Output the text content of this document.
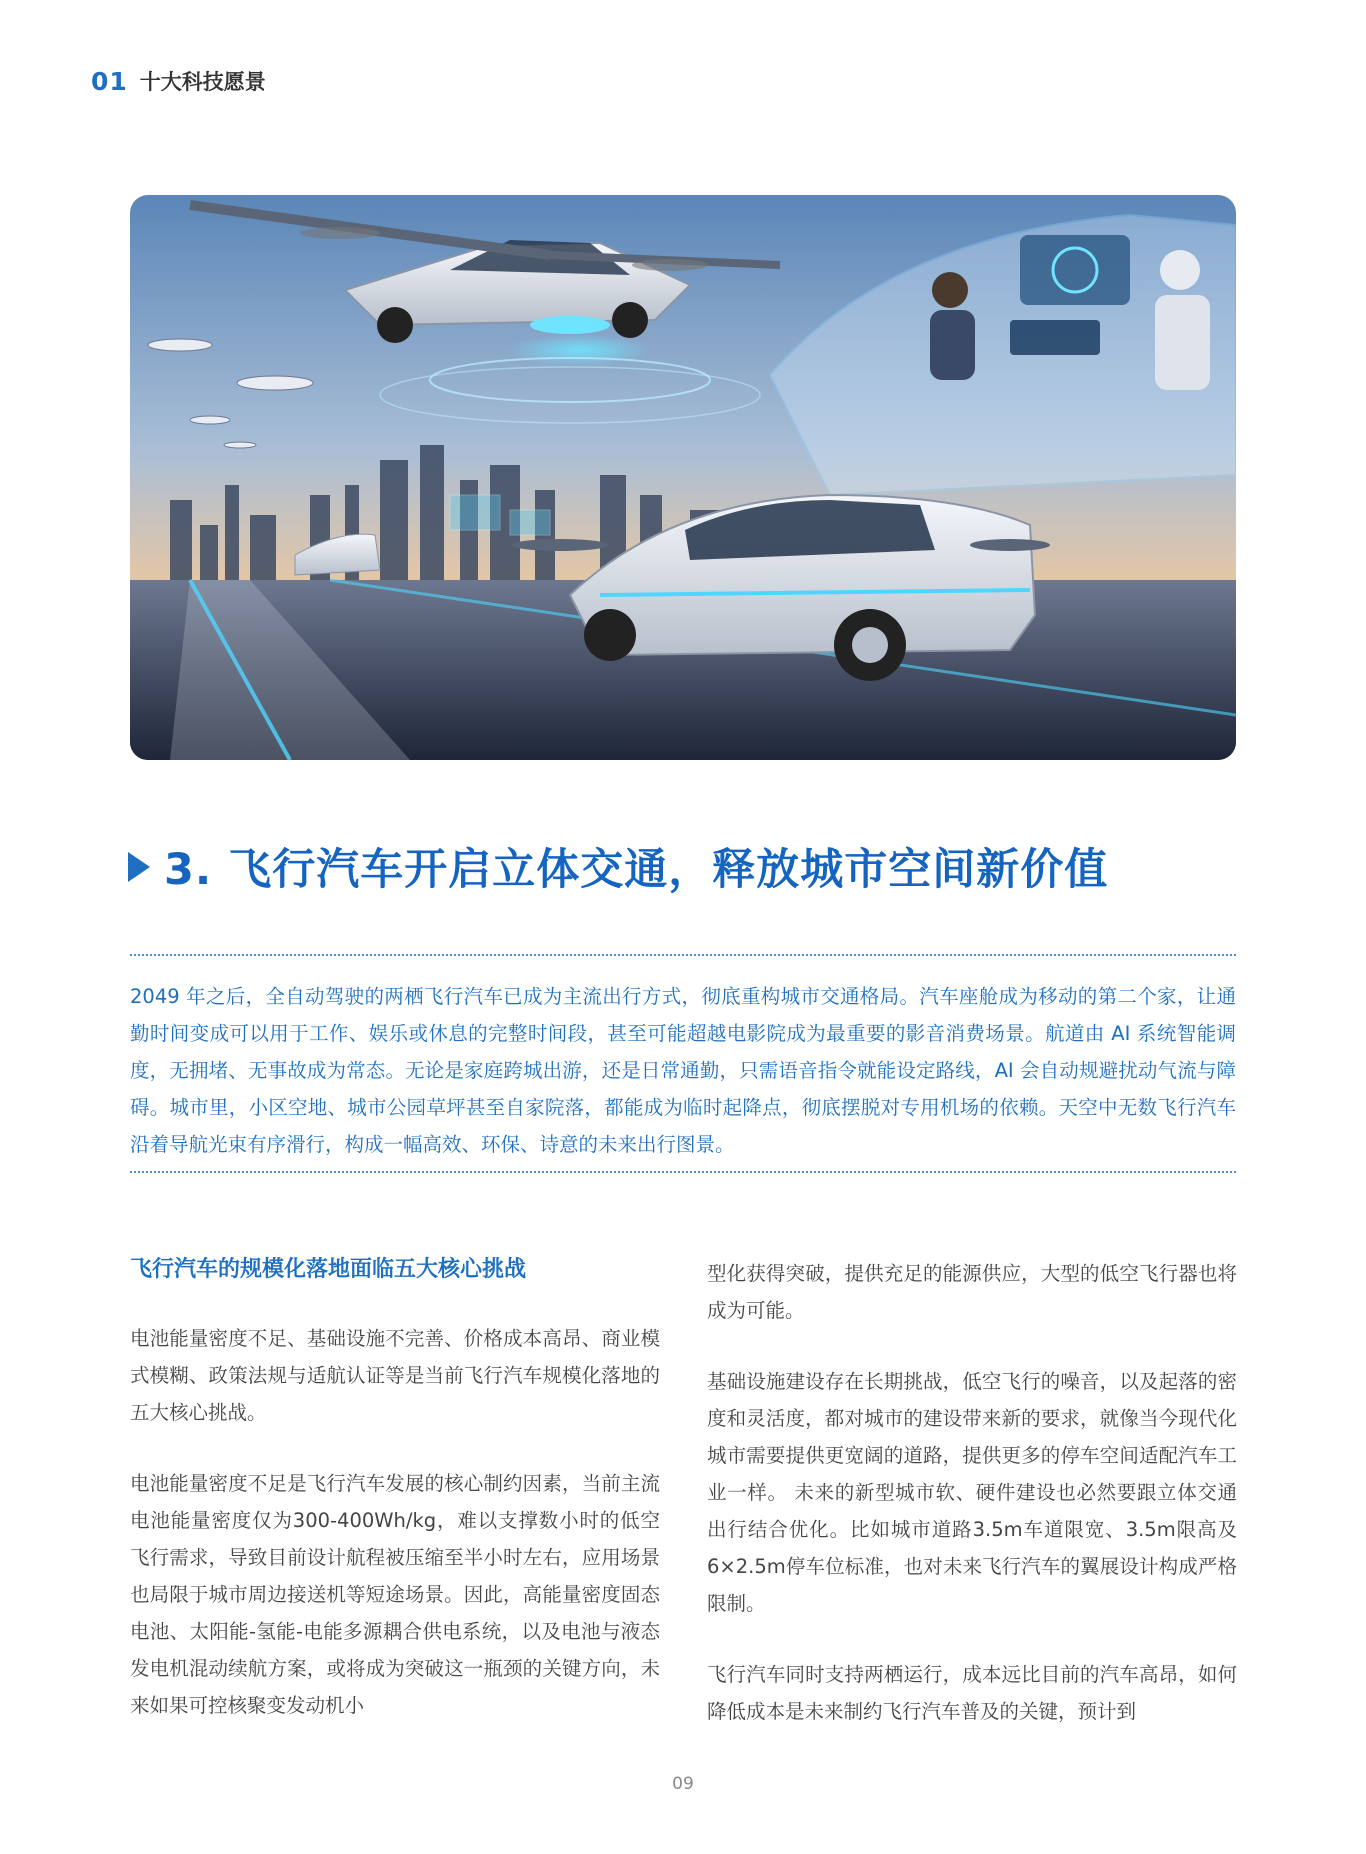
01 十大科技愿景
3. 飞行汽车开启立体交通，释放城市空间新价值
2049 年之后，全自动驾驶的两栖飞行汽车已成为主流出行方式，彻底重构城市交通格局。汽车座舱成为移动的第二个家，让通勤时间变成可以用于工作、娱乐或休息的完整时间段，甚至可能超越电影院成为最重要的影音消费场景。航道由 AI 系统智能调度，无拥堵、无事故成为常态。无论是家庭跨城出游，还是日常通勤，只需语音指令就能设定路线，AI 会自动规避扰动气流与障碍。城市里，小区空地、城市公园草坪甚至自家院落，都能成为临时起降点，彻底摆脱对专用机场的依赖。天空中无数飞行汽车沿着导航光束有序滑行，构成一幅高效、环保、诗意的未来出行图景。
飞行汽车的规模化落地面临五大核心挑战

电池能量密度不足、基础设施不完善、价格成本高昂、商业模式模糊、政策法规与适航认证等是当前飞行汽车规模化落地的五大核心挑战。

电池能量密度不足是飞行汽车发展的核心制约因素，当前主流电池能量密度仅为300-400Wh/kg，难以支撑数小时的低空飞行需求，导致目前设计航程被压缩至半小时左右，应用场景也局限于城市周边接送机等短途场景。因此，高能量密度固态电池、太阳能-氢能-电能多源耦合供电系统，以及电池与液态发电机混动续航方案，或将成为突破这一瓶颈的关键方向，未来如果可控核聚变发动机小

型化获得突破，提供充足的能源供应，大型的低空飞行器也将成为可能。

基础设施建设存在长期挑战，低空飞行的噪音，以及起落的密度和灵活度，都对城市的建设带来新的要求，就像当今现代化城市需要提供更宽阔的道路，提供更多的停车空间适配汽车工业一样。 未来的新型城市软、硬件建设也必然要跟立体交通出行结合优化。比如城市道路3.5m车道限宽、3.5m限高及6×2.5m停车位标准，也对未来飞行汽车的翼展设计构成严格限制。

飞行汽车同时支持两栖运行，成本远比目前的汽车高昂，如何降低成本是未来制约飞行汽车普及的关键，预计到

09
